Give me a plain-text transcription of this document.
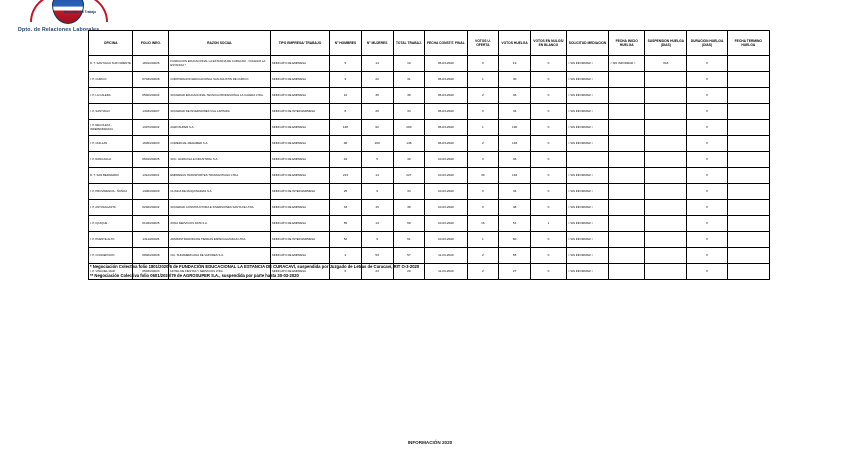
Dirección del Trabajo
Dpto. de Relaciones Laborales
OFICINA	FOLIO INEG.	RAZON SOCIAL	TIPO EMPRESA/ TRABAJO	N° HOMBRES	N° MUJERES	TOTAL TRABAJ.	FECHA CONSTIT. FINAL	VOTOS U. OFERTA	VOTOS HUELGA	VOTOS EN NULOS/ EN BLANCO	SOLICITUD MEDIACION	FECHA INICIO HUELGA	SUSPENSION HUELGA (DIAS)	DURACION HUELGA (DIAS)	FECHA TERMINO HUELGA
D. T. SANTIAGO SUR ORIENTE	1801/2020/6	FUNDACION EDUCACIONAL LA ESTANCIA DE CURACAVI - COLEGIO LA ESTANCIA *	SINDICATO DE EMPRESA	5	14	19	05-03-2020	0	19	0	< SIN INFORMAR >	< SIN INFORMAR >	618	0	
I. P. CURICO	0703/2020/8	CORPORACION EDUCACIONAL SAN AGUSTIN DE CURICO	SINDICATO DE EMPRESA	9	22	31	05-03-2020	1	30	0	< SIN INFORMAR >			0	
I. P. LA CALERA	0502/2020/4	SOCIEDAD EDUCACIONAL TECNICA PROFESIONAL LA CALERA LTDA.	SINDICATO DE EMPRESA	12	36	48	05-03-2020	2	46	0	< SIN INFORMAR >			0	
I. P. SANTIAGO	1303/2020/7	SOCIEDAD DE INVERSIONES VIAL LIMITADA	SINDICATO DE INTER EMPRESA	8	26	34	05-03-2020	0	34	0	< SIN INFORMAR >			0	
I. P. RECOLETA - INDEPENDENCIA	1307/2020/2	AGROSUPER S.A.	SINDICATO DE EMPRESA	138	62	200	05-03-2020	1	190	0	< SIN INFORMAR >			0	
I. P. CHILLAN	1605/2020/3	COMERCIAL MEGAMED S.A.	SINDICATO DE EMPRESA	48	100	148	06-03-2020	2	146	0	< SIN INFORMAR >			0	
I. P. RANCAGUA	0601/2020/5	SOC. AGRICOLA E INDUSTRIAL S.A.	SINDICATO DE EMPRESA	44	5	49	10-03-2020	3	46	0				0	
D. T. SAN BERNARDO	1312/2020/1	EMPRESAS TRANSPORTES TRANSANTIAGO LTDA.	SINDICATO DE EMPRESA	213	14	227	10-03-2020	30	194	0	< SIN INFORMAR >			0	
I. P. PROVIDENCIA - ÑUÑOA	1306/2020/9	CLINICA DE MAQUINARIAS S.A.	SINDICATO DE INTER EMPRESA	25	9	34	10-03-2020	0	34	0	< SIN INFORMAR >			0	
I. P. ANTOFAGASTA	0202/2020/2	SOCIEDAD CONSTRUCTORA E INVERSIONES SANTA FE LTDA.	SINDICATO DE EMPRESA	33	15	48	10-03-2020	0	48	0	< SIN INFORMAR >			0	
I. P. IQUIQUE	0103/2020/5	ZONA SERVICIOS DATA S.A.	SINDICATO DE EMPRESA	55	13	68	10-03-2020	16	51	1	< SIN INFORMAR >			0	
I. P. PUENTE ALTO	1311/2020/6	ADMINISTRADORA DE TIENDAS ESPECIALIZADAS LTDA.	SINDICATO DE INTER EMPRESA	52	9	61	10-03-2020	1	60	0	< SIN INFORMAR >			0	
I. P. CONCEPCION	0802/2020/8	CIA. SUDAMERICANA DE VAPORES S.A.	SINDICATO DE EMPRESA	4	53	57	11-03-2020	2	55	0	< SIN INFORMAR >			0	
I. P. VIÑA DEL MAR	0503/2020/3	HOTEL DE FIESTAS Y SERVICIOS LTDA.	SINDICATO DE EMPRESA	6	23	29	11-03-2020	2	27	0	< SIN INFORMAR >			0	
* Negociación Colectiva folio 1801/2020/6 de FUNDACIÓN EDUCACIONAL LA ESTANCIA DE CURACAVÍ, suspendida por Juzgado de Letras de Curacaví, RIT O-3-2020
** Negociación Colectiva folio 0601/2020/79 de AGROSUPER S.A., suspendida por parte hasta 30-03-2020
INFORMACIÓN 2020
